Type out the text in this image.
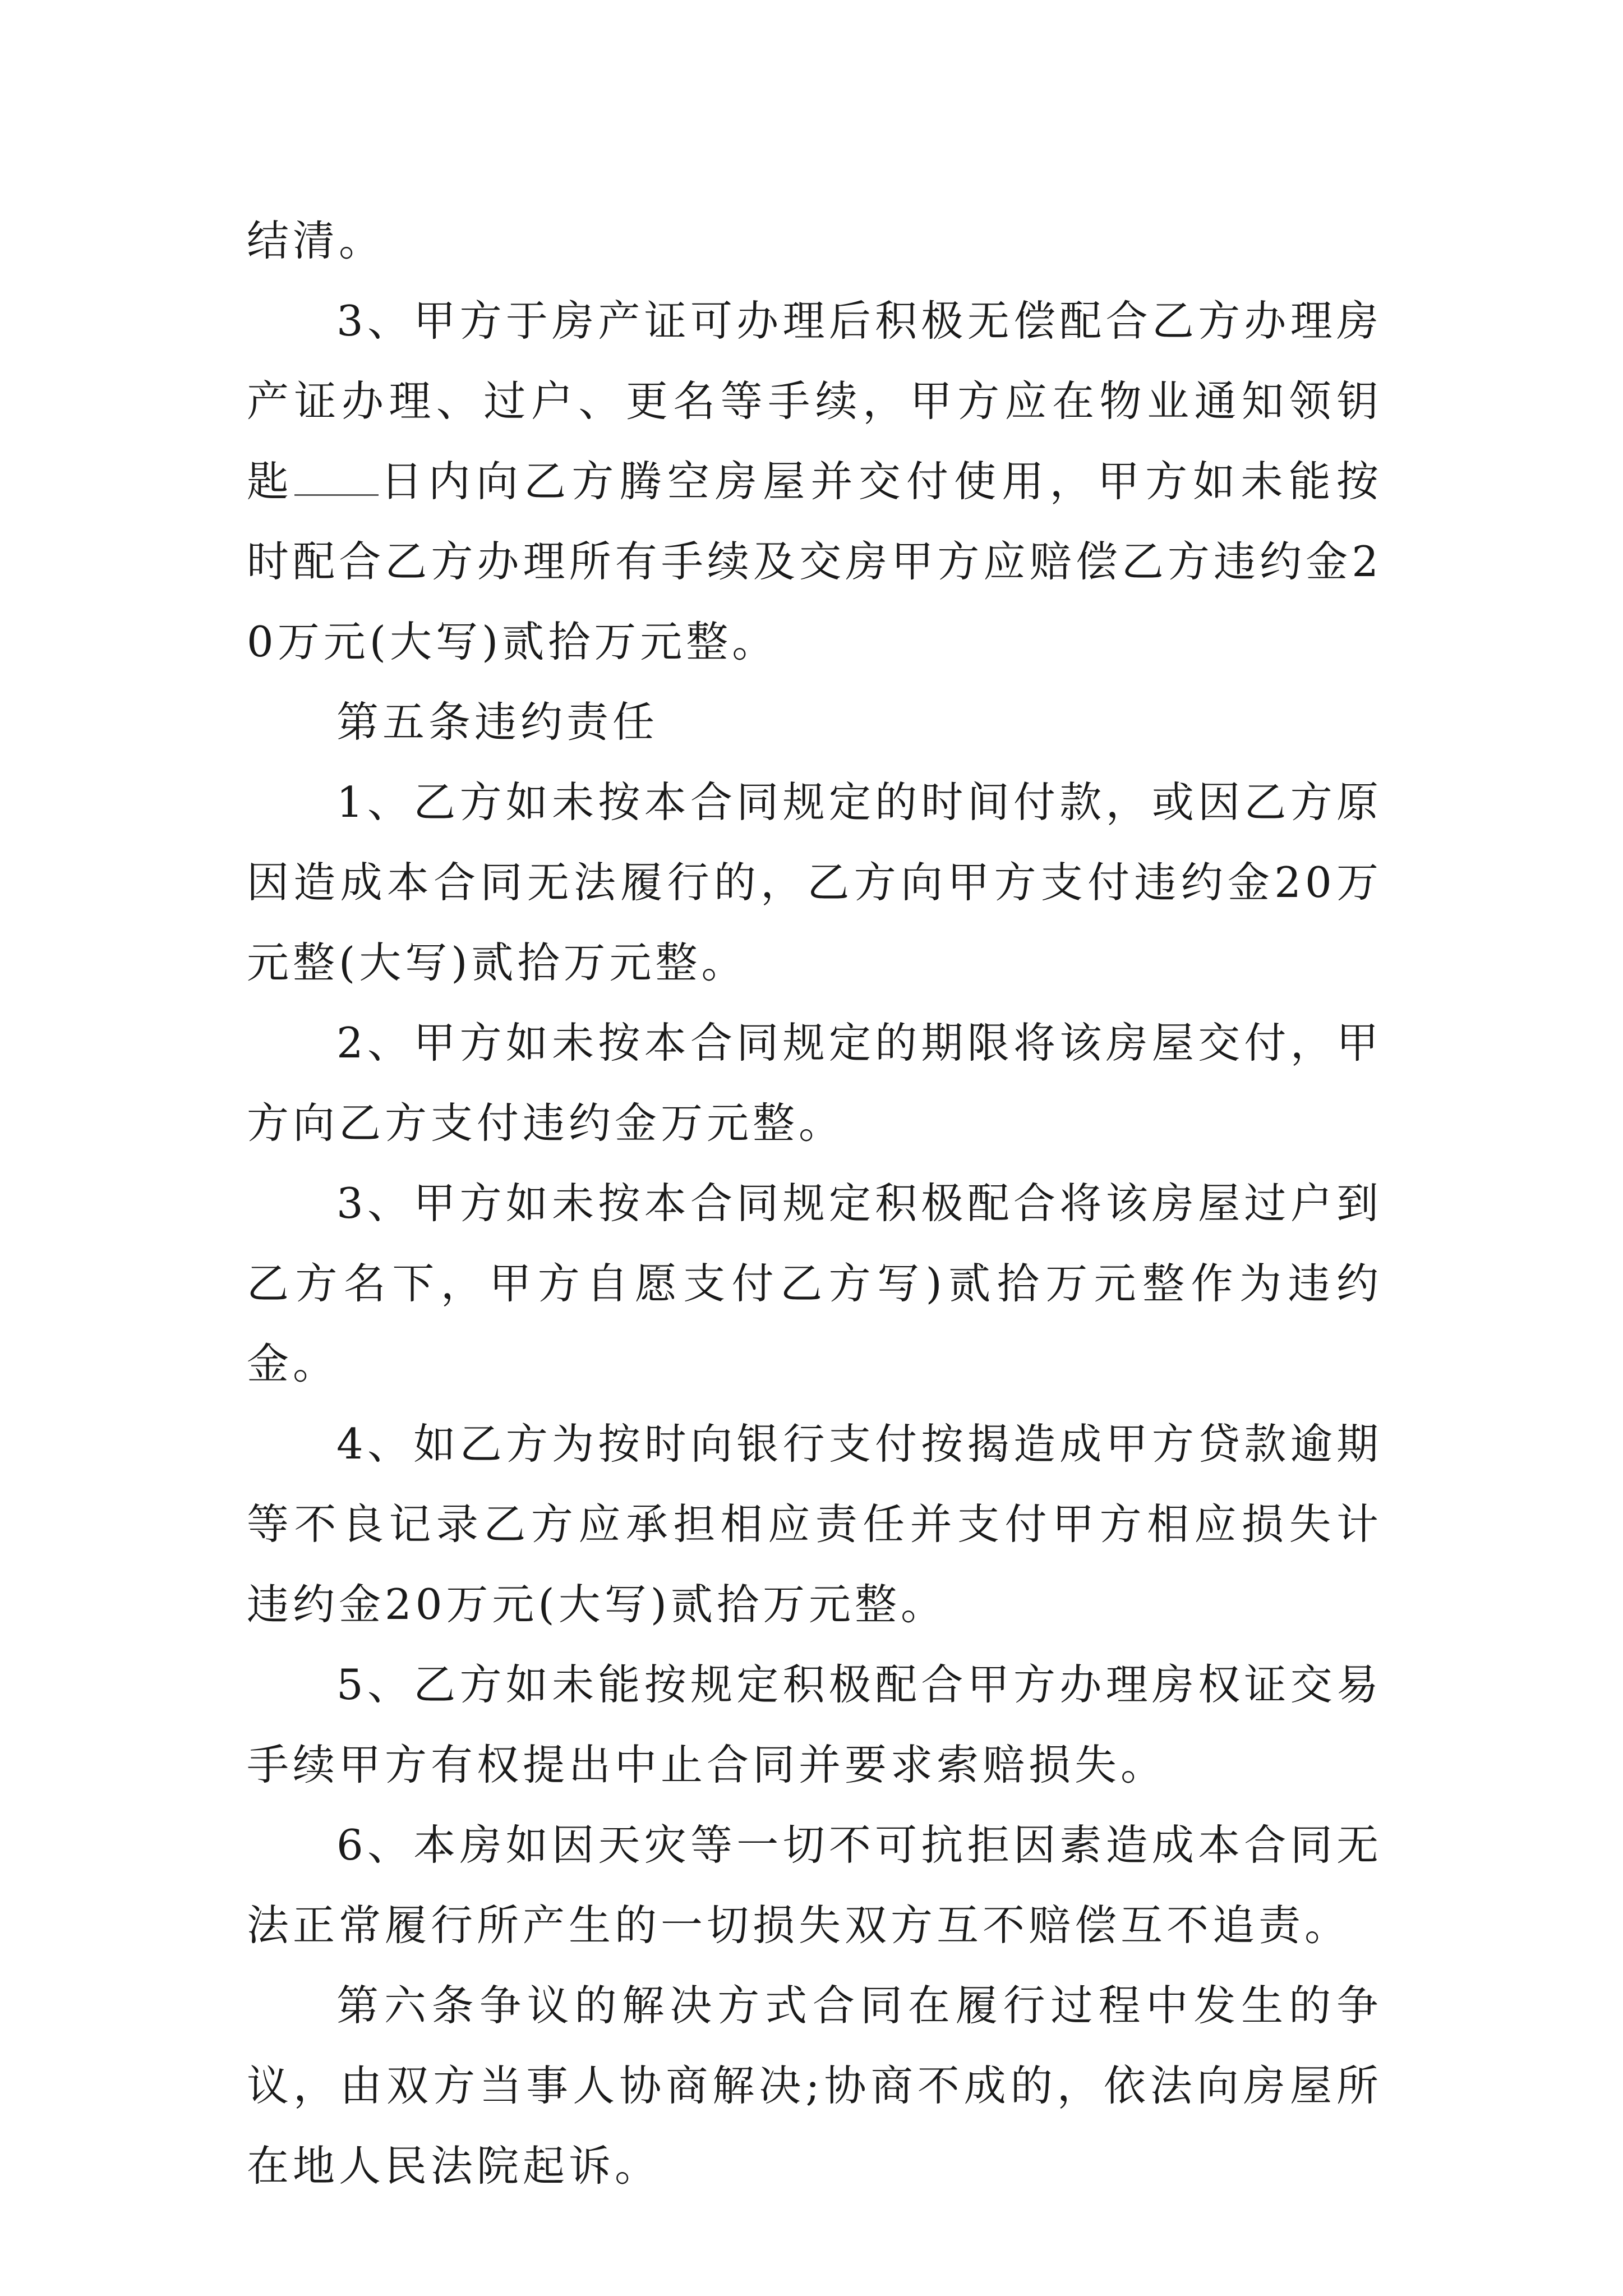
结清。

3、甲方于房产证可办理后积极无偿配合乙方办理房产证办理、过户、更名等手续，甲方应在物业通知领钥匙 日内向乙方腾空房屋并交付使用，甲方如未能按时配合乙方办理所有手续及交房甲方应赔偿乙方违约金20万元(大写)贰拾万元整。

第五条违约责任

1、乙方如未按本合同规定的时间付款，或因乙方原因造成本合同无法履行的，乙方向甲方支付违约金20万元整(大写)贰拾万元整。

2、甲方如未按本合同规定的期限将该房屋交付，甲方向乙方支付违约金万元整。

3、甲方如未按本合同规定积极配合将该房屋过户到乙方名下，甲方自愿支付乙方写)贰拾万元整作为违约金。

4、如乙方为按时向银行支付按揭造成甲方贷款逾期等不良记录乙方应承担相应责任并支付甲方相应损失计违约金20万元(大写)贰拾万元整。

5、乙方如未能按规定积极配合甲方办理房权证交易手续甲方有权提出中止合同并要求索赔损失。

6、本房如因天灾等一切不可抗拒因素造成本合同无法正常履行所产生的一切损失双方互不赔偿互不追责。

第六条争议的解决方式合同在履行过程中发生的争议，由双方当事人协商解决;协商不成的，依法向房屋所在地人民法院起诉。
